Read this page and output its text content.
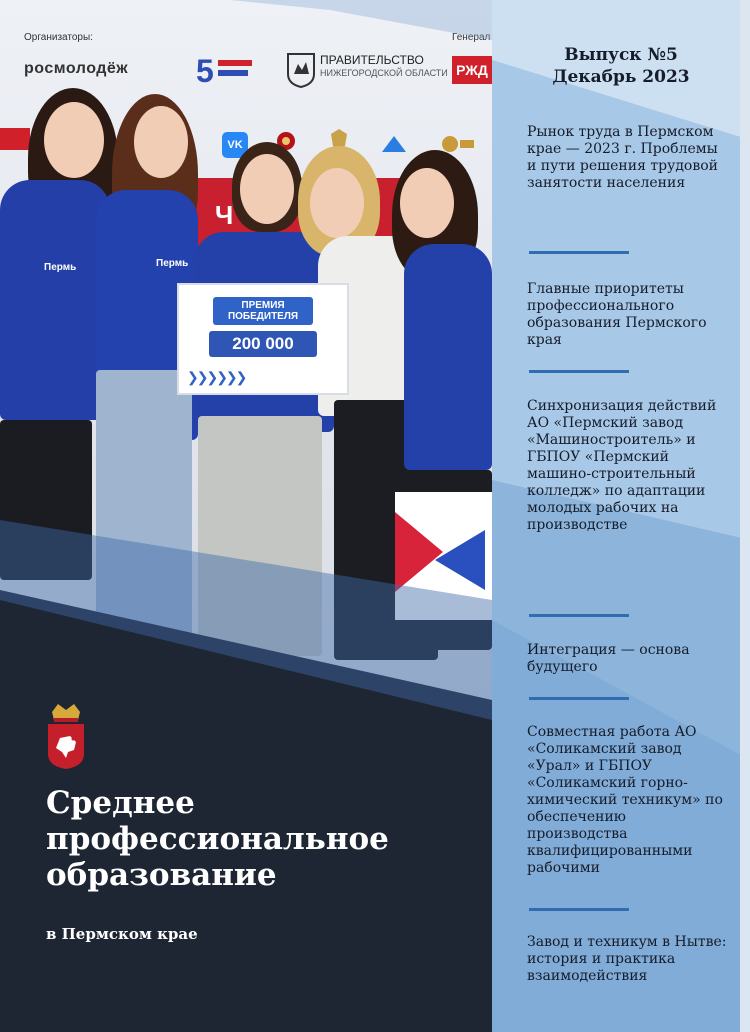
Организаторы:	Генерал
росмолодёж 5	ПРАВИТЕЛЬСТВО
НИЖЕГОРОДСКОЙ ОБЛАСТИ РЖД
VK
Ч
Пермь	Пермь
ПРЕМИЯ ПОБЕДИТЕЛЯ
200 000
❯❯❯❯❯❯
Выпуск №5
Декабрь 2023

Рынок труда в Пермском крае — 2023 г. Проблемы и пути решения трудовой занятости населения

Главные приоритеты профессионального образования Пермского края

Синхронизация действий АО «Пермский завод «Машиностроитель» и ГБПОУ «Пермский машино-строительный колледж» по адаптации молодых рабочих на производстве

Интеграция — основа будущего

Совместная работа АО «Соликамский завод «Урал» и ГБПОУ «Соликамский горно-химический техникум» по обеспечению производства квалифицированными рабочими

Завод и техникум в Нытве: история и практика взаимодействия

Среднее профессиональное образование
в Пермском крае
